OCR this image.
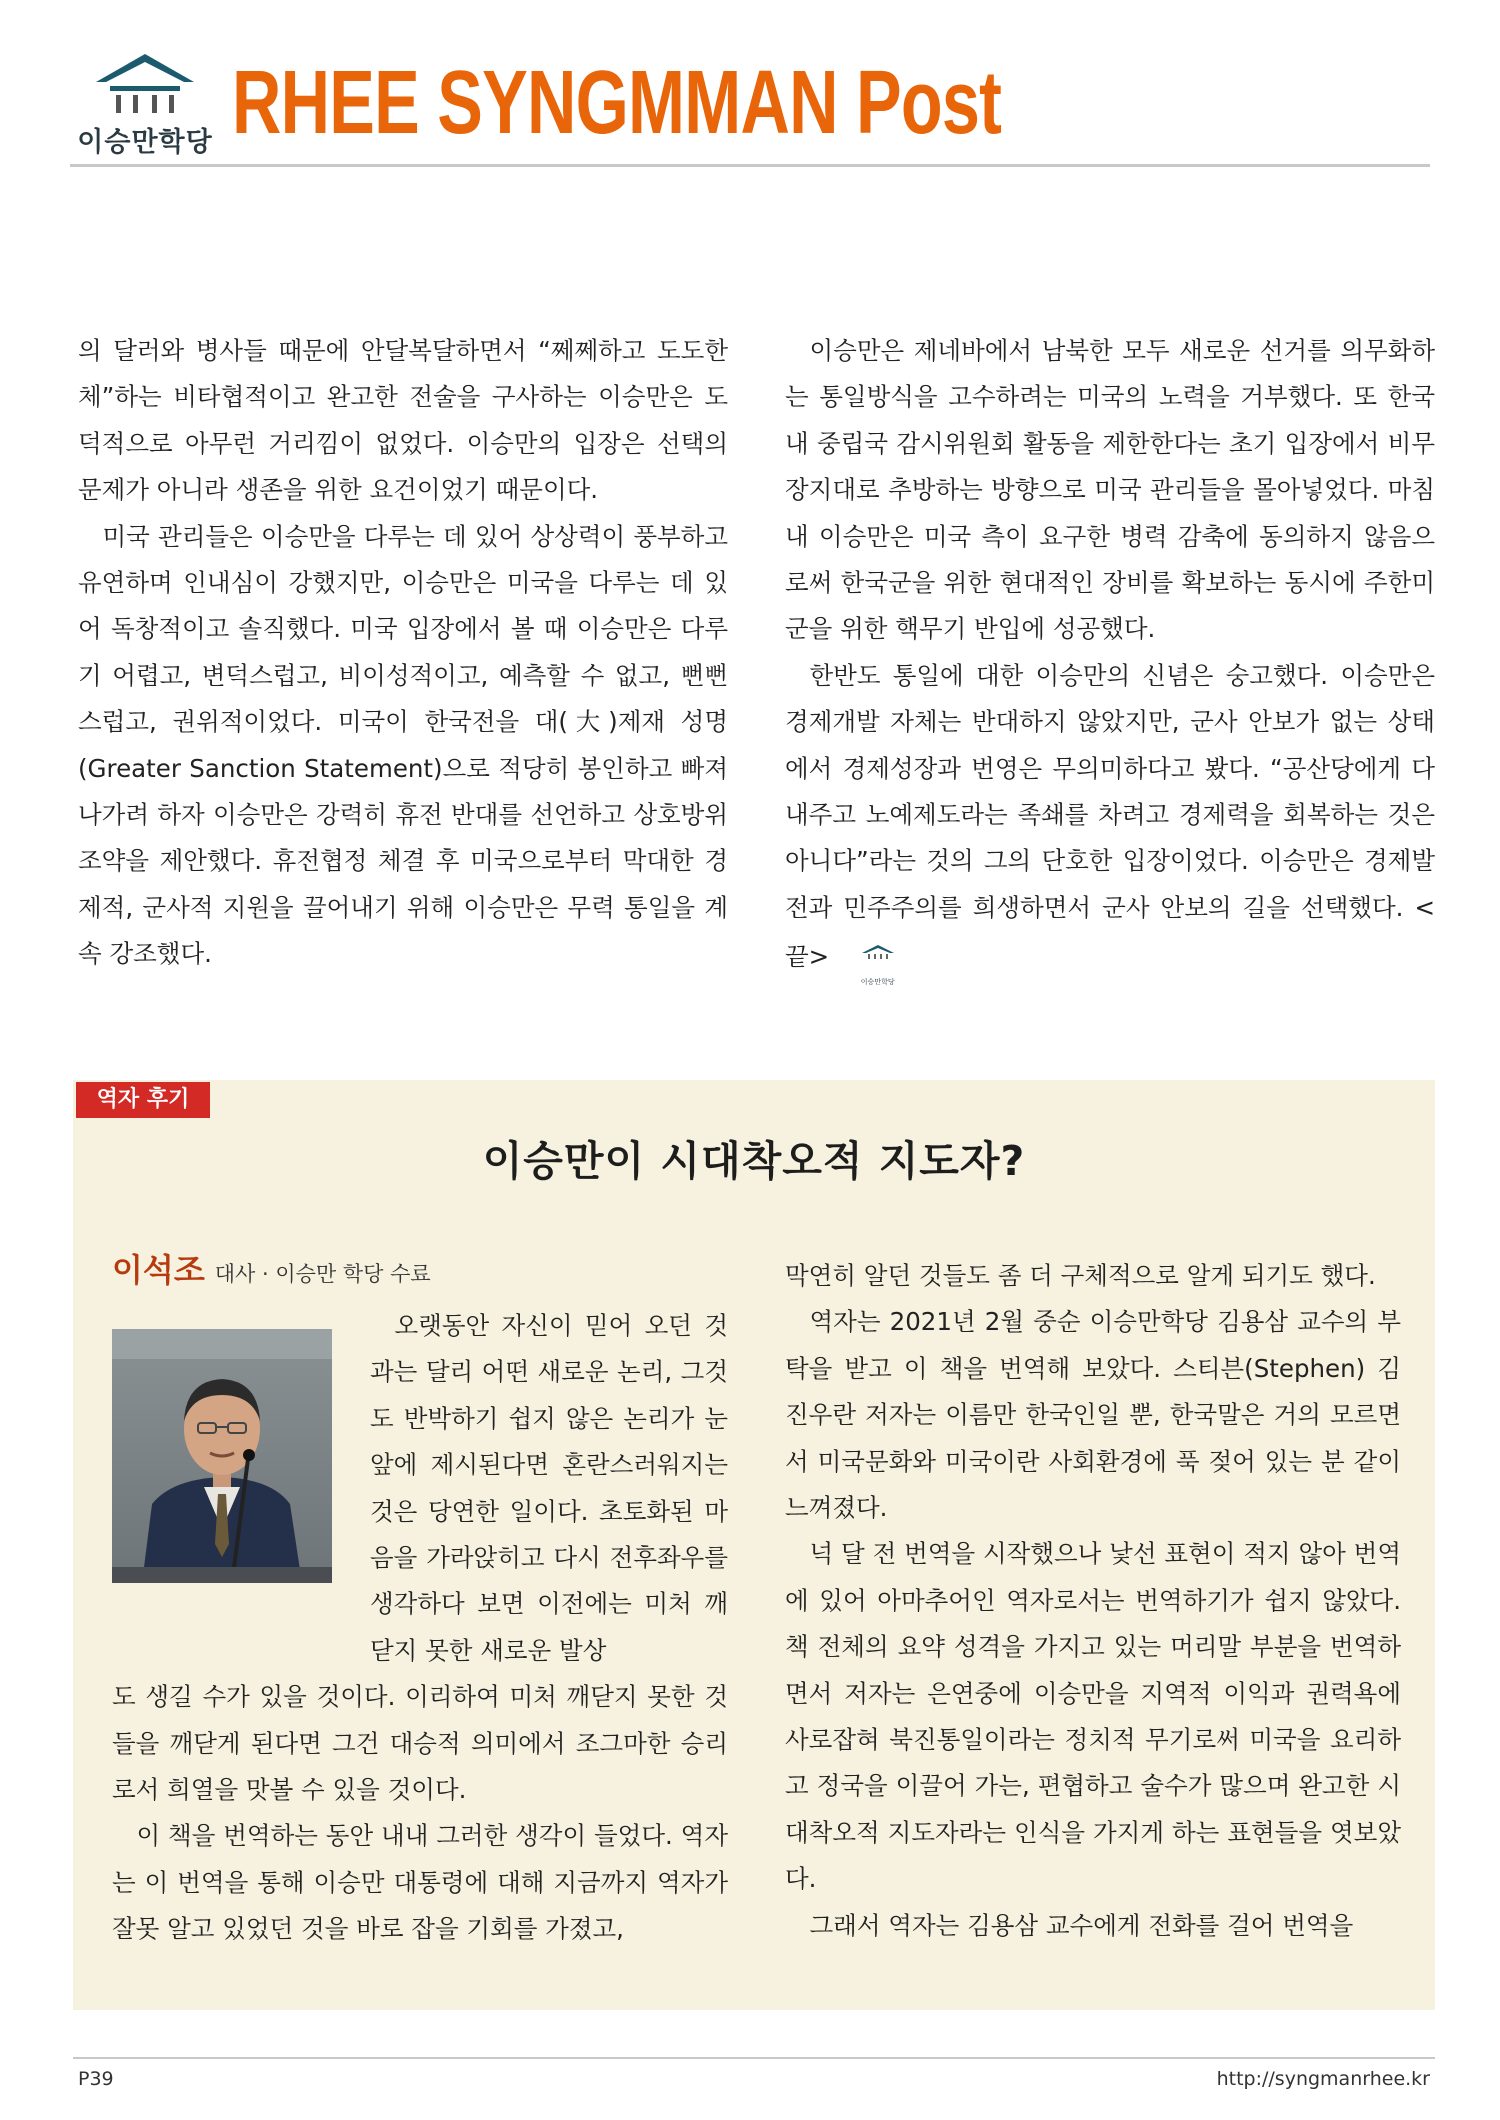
이승만학당 RHEE SYNGMMAN Post

의 달러와 병사들 때문에 안달복달하면서 “쩨쩨하고 도도한 체”하는 비타협적이고 완고한 전술을 구사하는 이승만은 도덕적으로 아무런 거리낌이 없었다. 이승만의 입장은 선택의 문제가 아니라 생존을 위한 요건이었기 때문이다.

미국 관리들은 이승만을 다루는 데 있어 상상력이 풍부하고 유연하며 인내심이 강했지만, 이승만은 미국을 다루는 데 있어 독창적이고 솔직했다. 미국 입장에서 볼 때 이승만은 다루기 어렵고, 변덕스럽고, 비이성적이고, 예측할 수 없고, 뻔뻔스럽고, 권위적이었다. 미국이 한국전을 대(大)제재 성명(Greater Sanction Statement)으로 적당히 봉인하고 빠져나가려 하자 이승만은 강력히 휴전 반대를 선언하고 상호방위조약을 제안했다. 휴전협정 체결 후 미국으로부터 막대한 경제적, 군사적 지원을 끌어내기 위해 이승만은 무력 통일을 계속 강조했다.

이승만은 제네바에서 남북한 모두 새로운 선거를 의무화하는 통일방식을 고수하려는 미국의 노력을 거부했다. 또 한국 내 중립국 감시위원회 활동을 제한한다는 초기 입장에서 비무장지대로 추방하는 방향으로 미국 관리들을 몰아넣었다. 마침내 이승만은 미국 측이 요구한 병력 감축에 동의하지 않음으로써 한국군을 위한 현대적인 장비를 확보하는 동시에 주한미군을 위한 핵무기 반입에 성공했다.

한반도 통일에 대한 이승만의 신념은 숭고했다. 이승만은 경제개발 자체는 반대하지 않았지만, 군사 안보가 없는 상태에서 경제성장과 번영은 무의미하다고 봤다. “공산당에게 다 내주고 노예제도라는 족쇄를 차려고 경제력을 회복하는 것은 아니다”라는 것의 그의 단호한 입장이었다. 이승만은 경제발전과 민주주의를 희생하면서 군사 안보의 길을 선택했다. <끝>
이승만학당

역자 후기
이승만이 시대착오적 지도자?
이석조 대사 · 이승만 학당 수료

오랫동안 자신이 믿어 오던 것과는 달리 어떤 새로운 논리, 그것도 반박하기 쉽지 않은 논리가 눈앞에 제시된다면 혼란스러워지는 것은 당연한 일이다. 초토화된 마음을 가라앉히고 다시 전후좌우를 생각하다 보면 이전에는 미처 깨닫지 못한 새로운 발상

도 생길 수가 있을 것이다. 이리하여 미처 깨닫지 못한 것들을 깨닫게 된다면 그건 대승적 의미에서 조그마한 승리로서 희열을 맛볼 수 있을 것이다.

이 책을 번역하는 동안 내내 그러한 생각이 들었다. 역자는 이 번역을 통해 이승만 대통령에 대해 지금까지 역자가 잘못 알고 있었던 것을 바로 잡을 기회를 가졌고,

막연히 알던 것들도 좀 더 구체적으로 알게 되기도 했다.

역자는 2021년 2월 중순 이승만학당 김용삼 교수의 부탁을 받고 이 책을 번역해 보았다. 스티븐(Stephen) 김 진우란 저자는 이름만 한국인일 뿐, 한국말은 거의 모르면서 미국문화와 미국이란 사회환경에 푹 젖어 있는 분 같이 느껴졌다.

넉 달 전 번역을 시작했으나 낯선 표현이 적지 않아 번역에 있어 아마추어인 역자로서는 번역하기가 쉽지 않았다. 책 전체의 요약 성격을 가지고 있는 머리말 부분을 번역하면서 저자는 은연중에 이승만을 지역적 이익과 권력욕에 사로잡혀 북진통일이라는 정치적 무기로써 미국을 요리하고 정국을 이끌어 가는, 편협하고 술수가 많으며 완고한 시대착오적 지도자라는 인식을 가지게 하는 표현들을 엿보았다.

그래서 역자는 김용삼 교수에게 전화를 걸어 번역을

P39	http://syngmanrhee.kr
